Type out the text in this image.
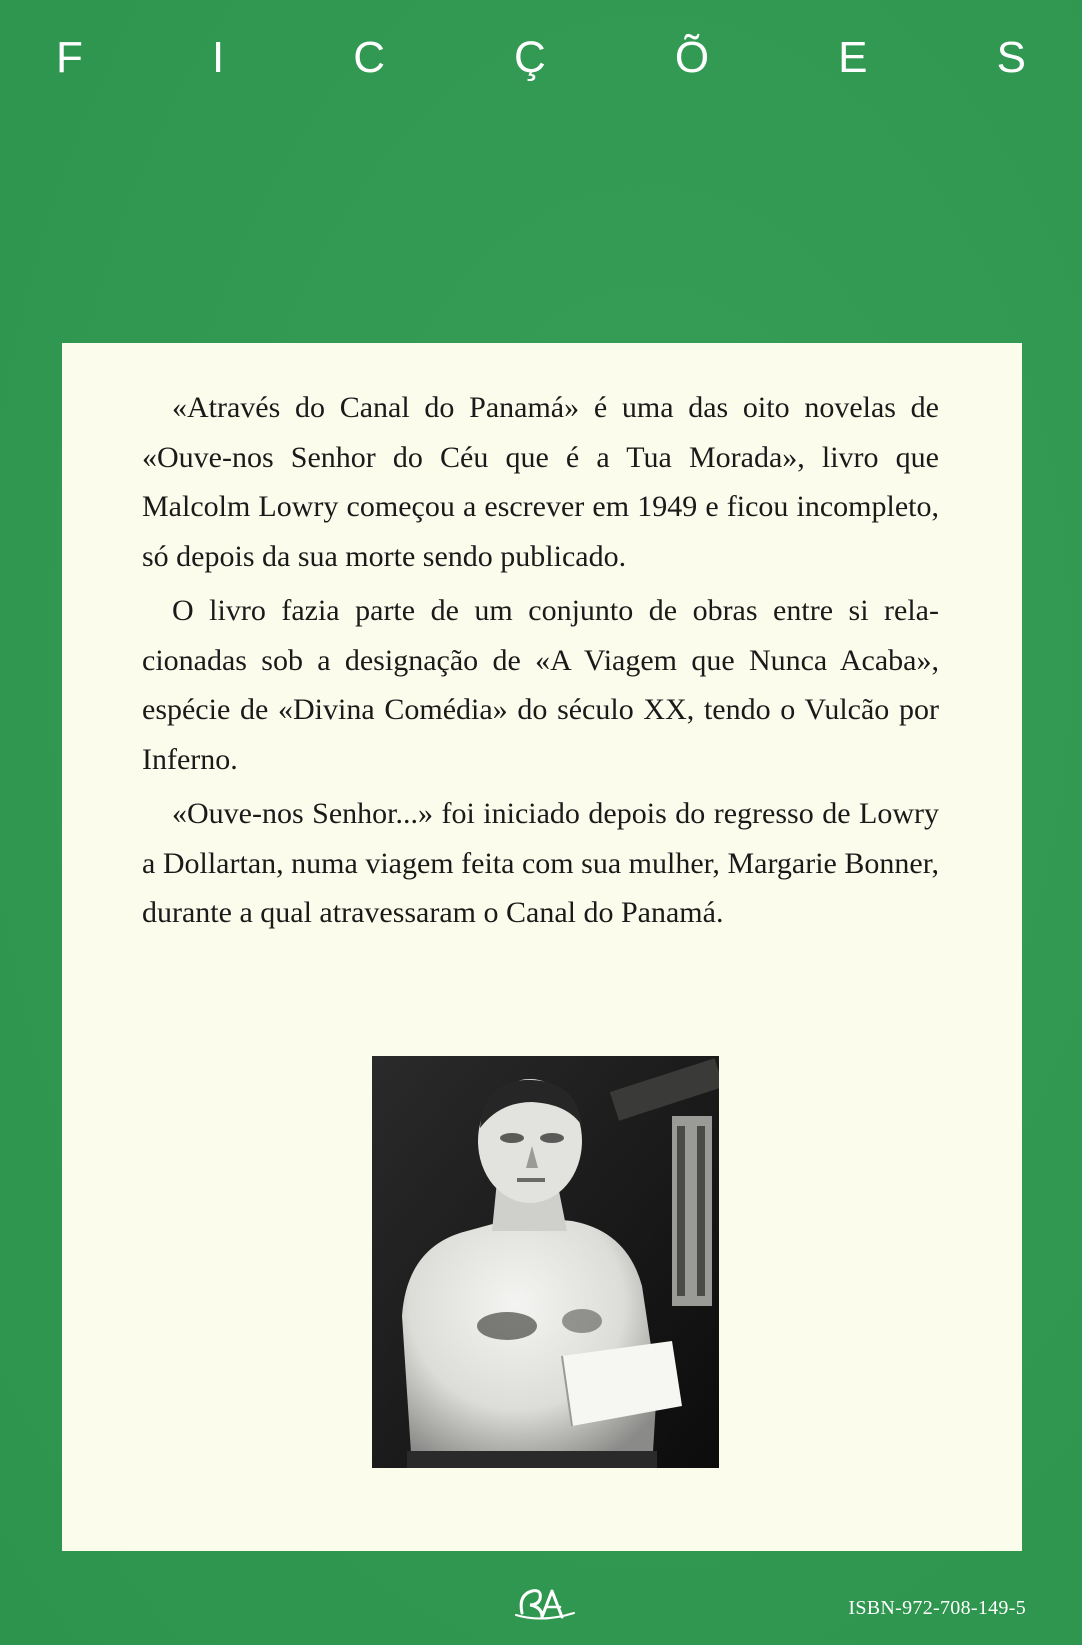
F	I	C	Ç	Õ	E	S

«Através do Canal do Panamá» é uma das oito novelas de «Ouve-nos Senhor do Céu que é a Tua Morada», livro que Malcolm Lowry começou a escrever em 1949 e ficou incompleto, só depois da sua morte sendo publicado.

O livro fazia parte de um conjunto de obras entre si relacionadas sob a designação de «A Viagem que Nunca Acaba», espécie de «Divina Comédia» do século XX, tendo o Vulcão por Inferno.

«Ouve-nos Senhor...» foi iniciado depois do regresso de Lowry a Dollartan, numa viagem feita com sua mulher, Margarie Bonner, durante a qual atravessaram o Canal do Panamá.

ISBN-972-708-149-5
